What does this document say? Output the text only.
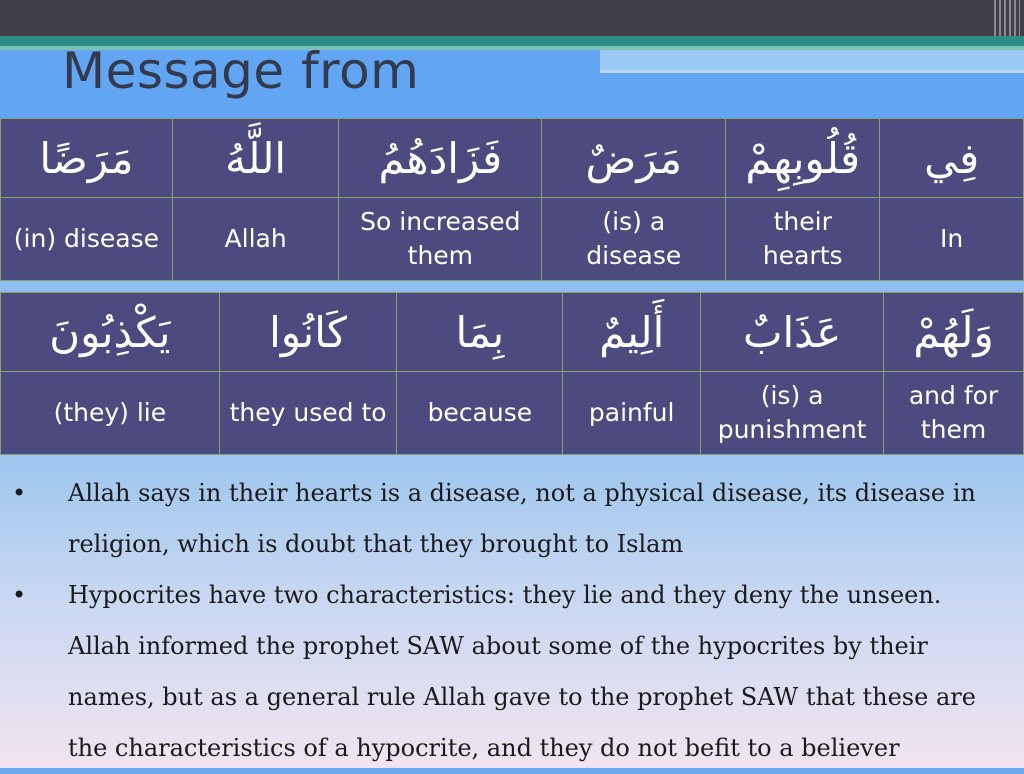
Message from
مَرَضًا	اللَّهُ	فَزَادَهُمُ	مَرَضٌ	قُلُوبِهِمْ	فِي
(in) disease	Allah	So increased them	(is) a disease	their hearts	In
يَكْذِبُونَ	كَانُوا	بِمَا	أَلِيمٌ	عَذَابٌ	وَلَهُمْ
(they) lie	they used to	because	painful	(is) a punishment	and for them
• Allah says in their hearts is a disease, not a physical disease, its disease in religion, which is doubt that they brought to Islam
• Hypocrites have two characteristics: they lie and they deny the unseen. Allah informed the prophet SAW about some of the hypocrites by their names, but as a general rule Allah gave to the prophet SAW that these are the characteristics of a hypocrite, and they do not befit to a believer
